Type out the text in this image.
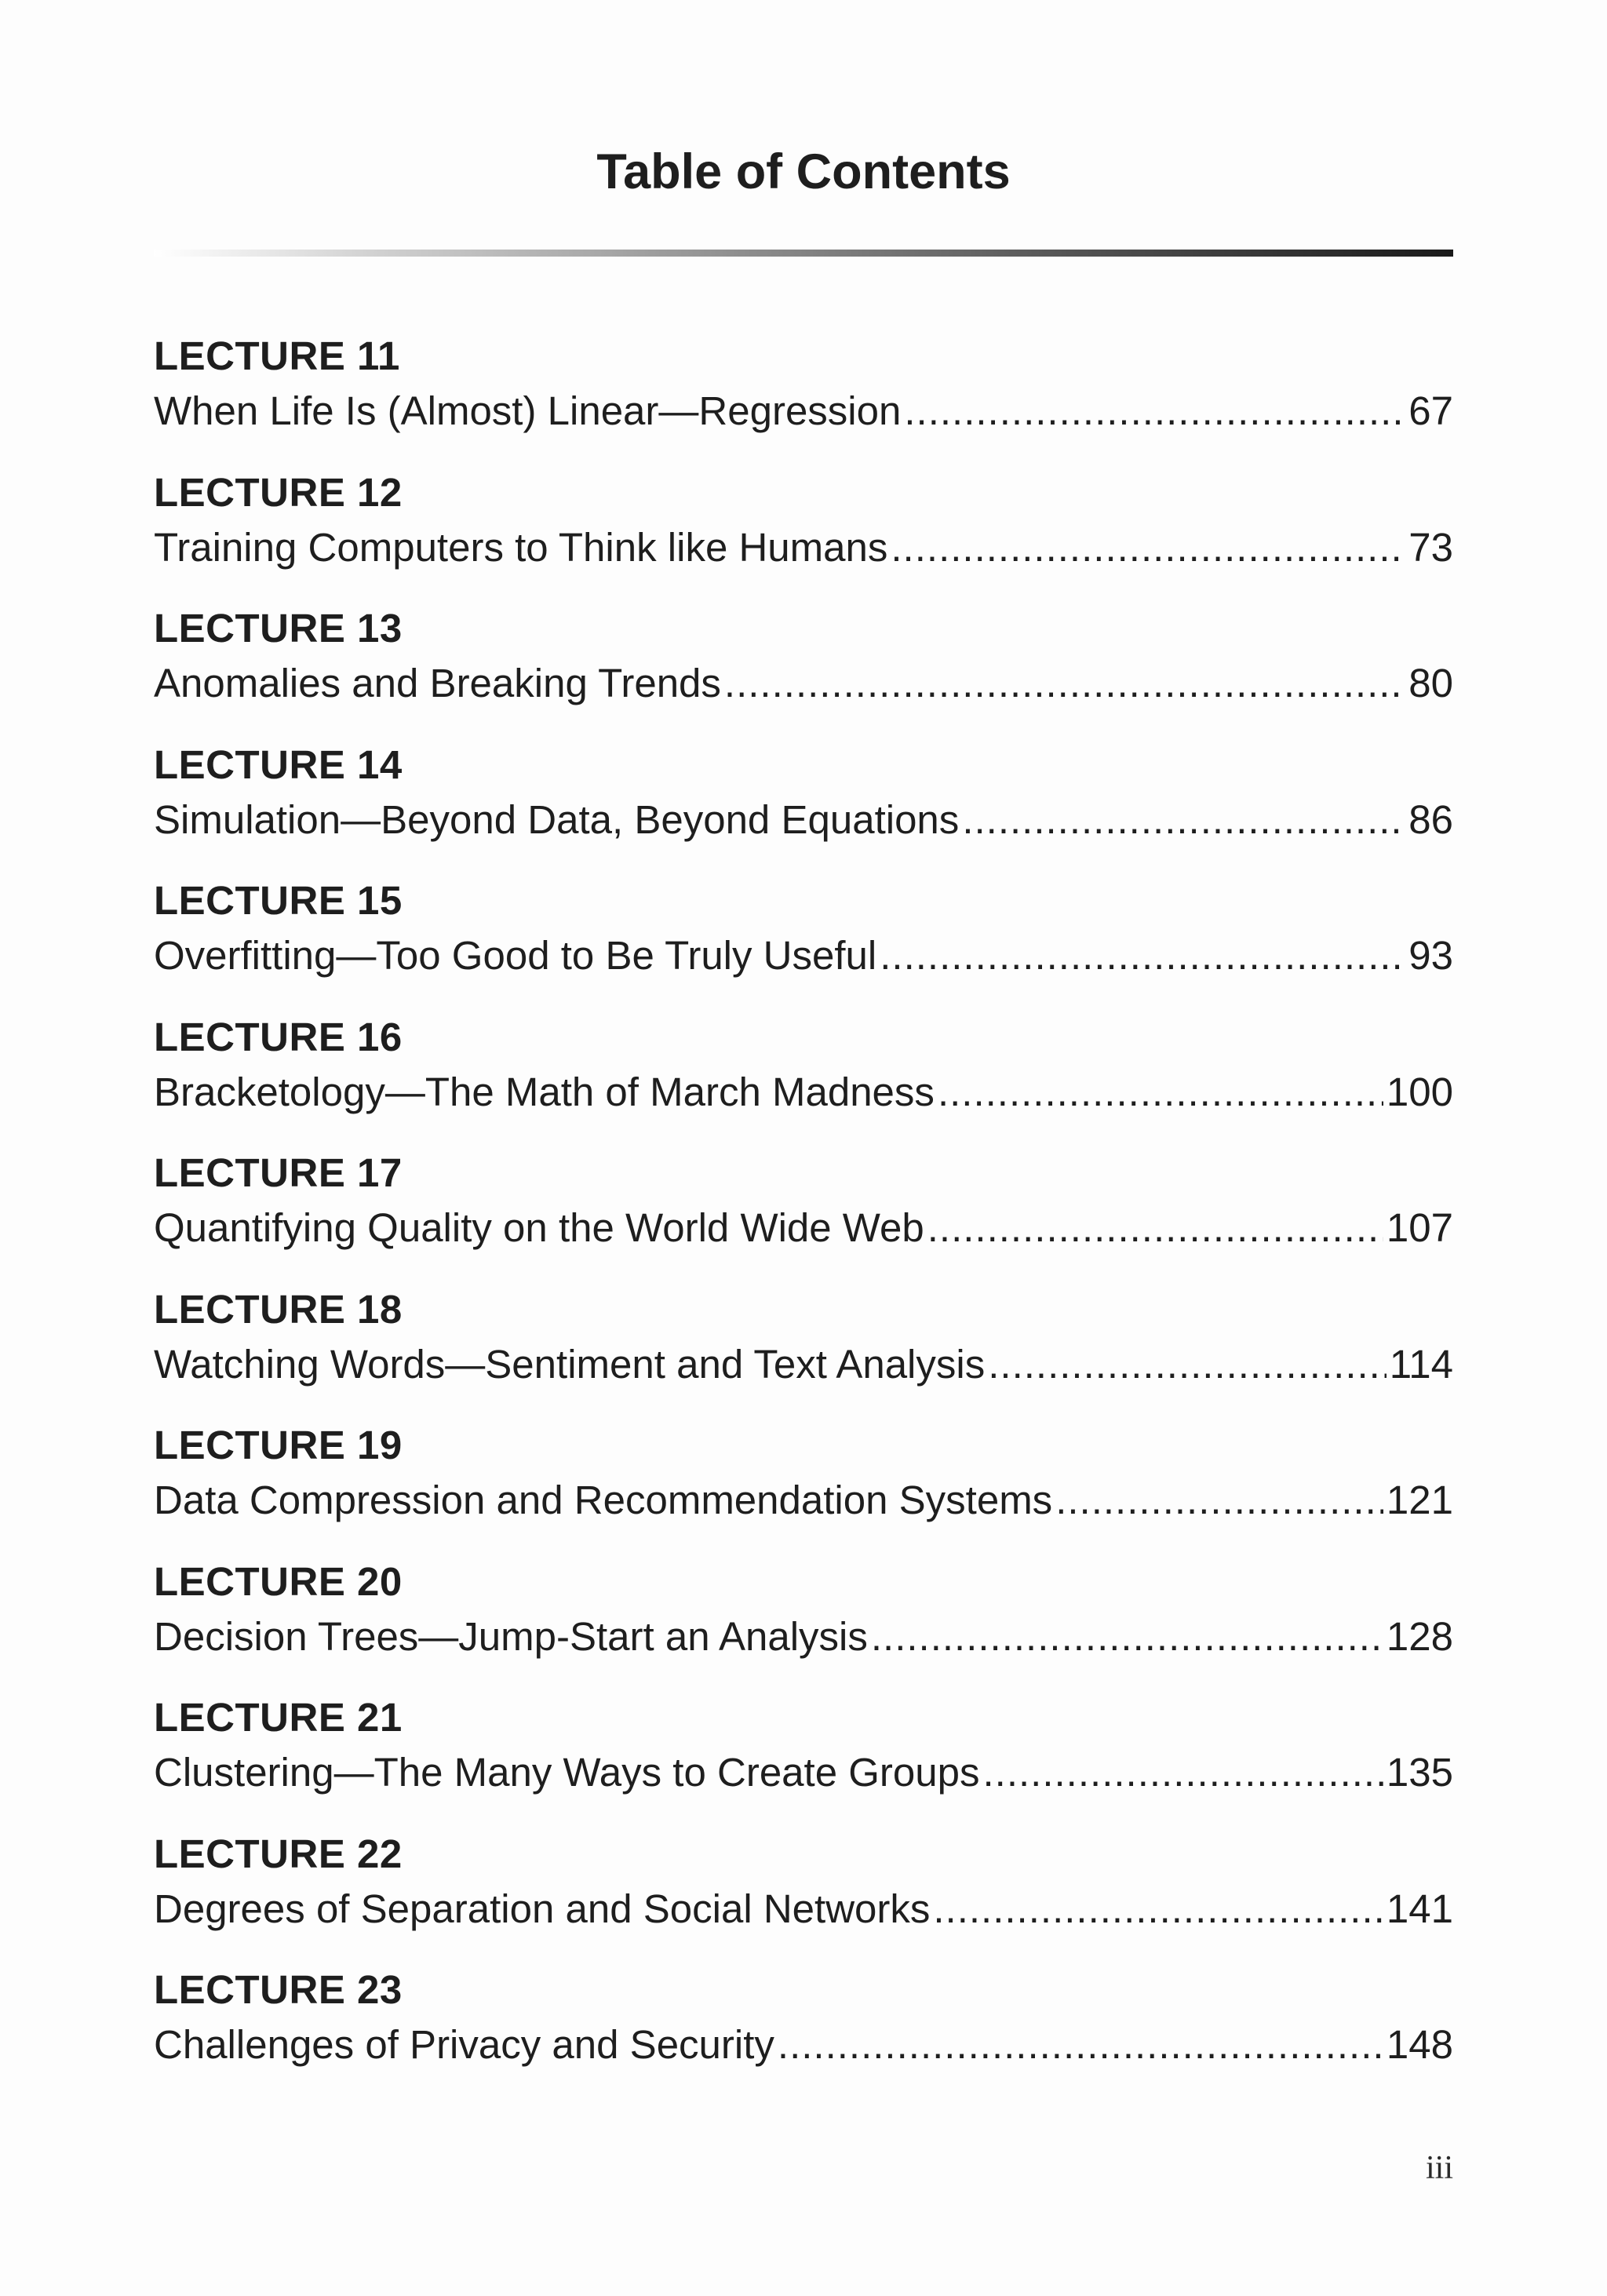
Table of Contents
LECTURE 11
When Life Is (Almost) Linear—Regression .....	67
LECTURE 12
Training Computers to Think like Humans .....	73
LECTURE 13
Anomalies and Breaking Trends .....	80
LECTURE 14
Simulation—Beyond Data, Beyond Equations .....	86
LECTURE 15
Overfitting—Too Good to Be Truly Useful .....	93
LECTURE 16
Bracketology—The Math of March Madness .....	100
LECTURE 17
Quantifying Quality on the World Wide Web .....	107
LECTURE 18
Watching Words—Sentiment and Text Analysis .....	114
LECTURE 19
Data Compression and Recommendation Systems .....	121
LECTURE 20
Decision Trees—Jump-Start an Analysis .....	128
LECTURE 21
Clustering—The Many Ways to Create Groups .....	135
LECTURE 22
Degrees of Separation and Social Networks .....	141
LECTURE 23
Challenges of Privacy and Security .....	148
iii
